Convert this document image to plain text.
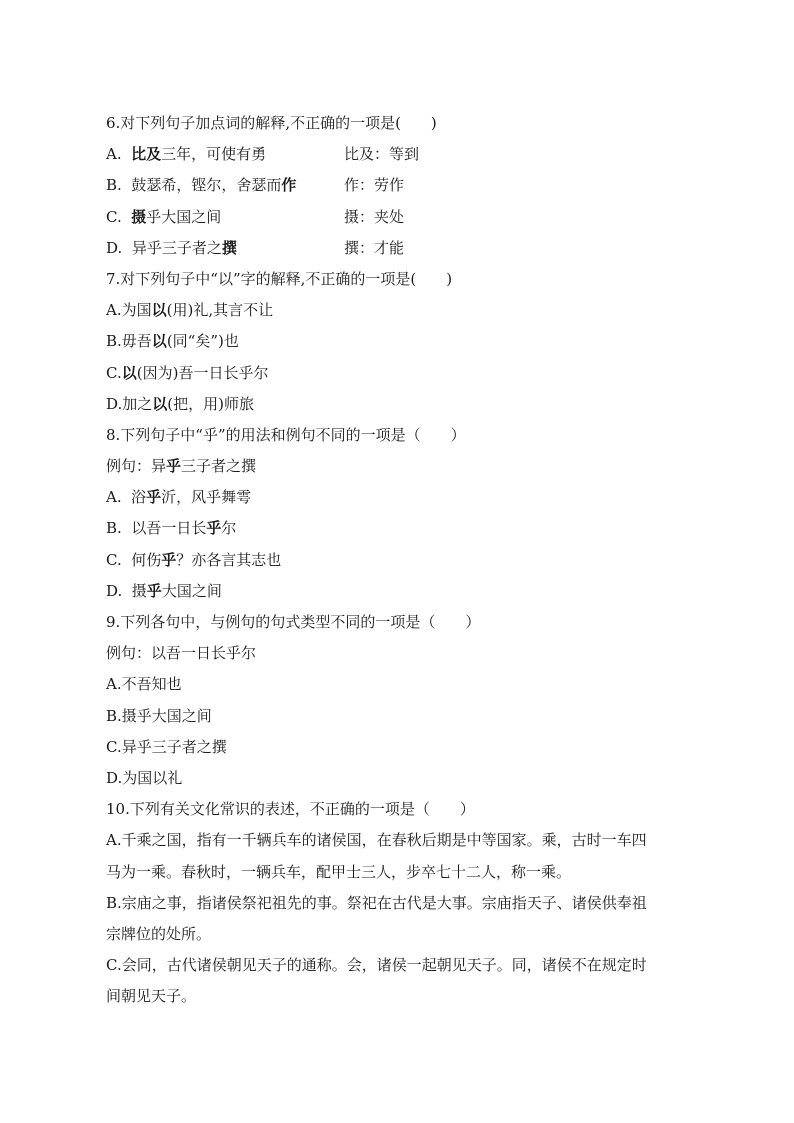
6.对下列句子加点词的解释,不正确的一项是(　　)
A. 比及三年，可使有勇	比及：等到
B. 鼓瑟希，铿尔，舍瑟而作	作：劳作
C. 摄乎大国之间	摄：夹处
D. 异乎三子者之撰	撰：才能
7.对下列句子中“以”字的解释,不正确的一项是(　　)
A.为国以(用)礼,其言不让
B.毋吾以(同“矣”)也
C.以(因为)吾一日长乎尔
D.加之以(把，用)师旅
8.下列句子中“乎”的用法和例句不同的一项是（　　）
例句：异乎三子者之撰
A.  浴乎沂，风乎舞雩
B.  以吾一日长乎尔
C.  何伤乎？亦各言其志也
D.  摄乎大国之间
9.下列各句中，与例句的句式类型不同的一项是（　　）
例句：以吾一日长乎尔
A.不吾知也
B.摄乎大国之间
C.异乎三子者之撰
D.为国以礼
10.下列有关文化常识的表述，不正确的一项是（　　）
A.千乘之国，指有一千辆兵车的诸侯国，在春秋后期是中等国家。乘，古时一车四
马为一乘。春秋时，一辆兵车，配甲士三人，步卒七十二人，称一乘。
B.宗庙之事，指诸侯祭祀祖先的事。祭祀在古代是大事。宗庙指天子、诸侯供奉祖
宗牌位的处所。
C.会同，古代诸侯朝见天子的通称。会，诸侯一起朝见天子。同，诸侯不在规定时
间朝见天子。
